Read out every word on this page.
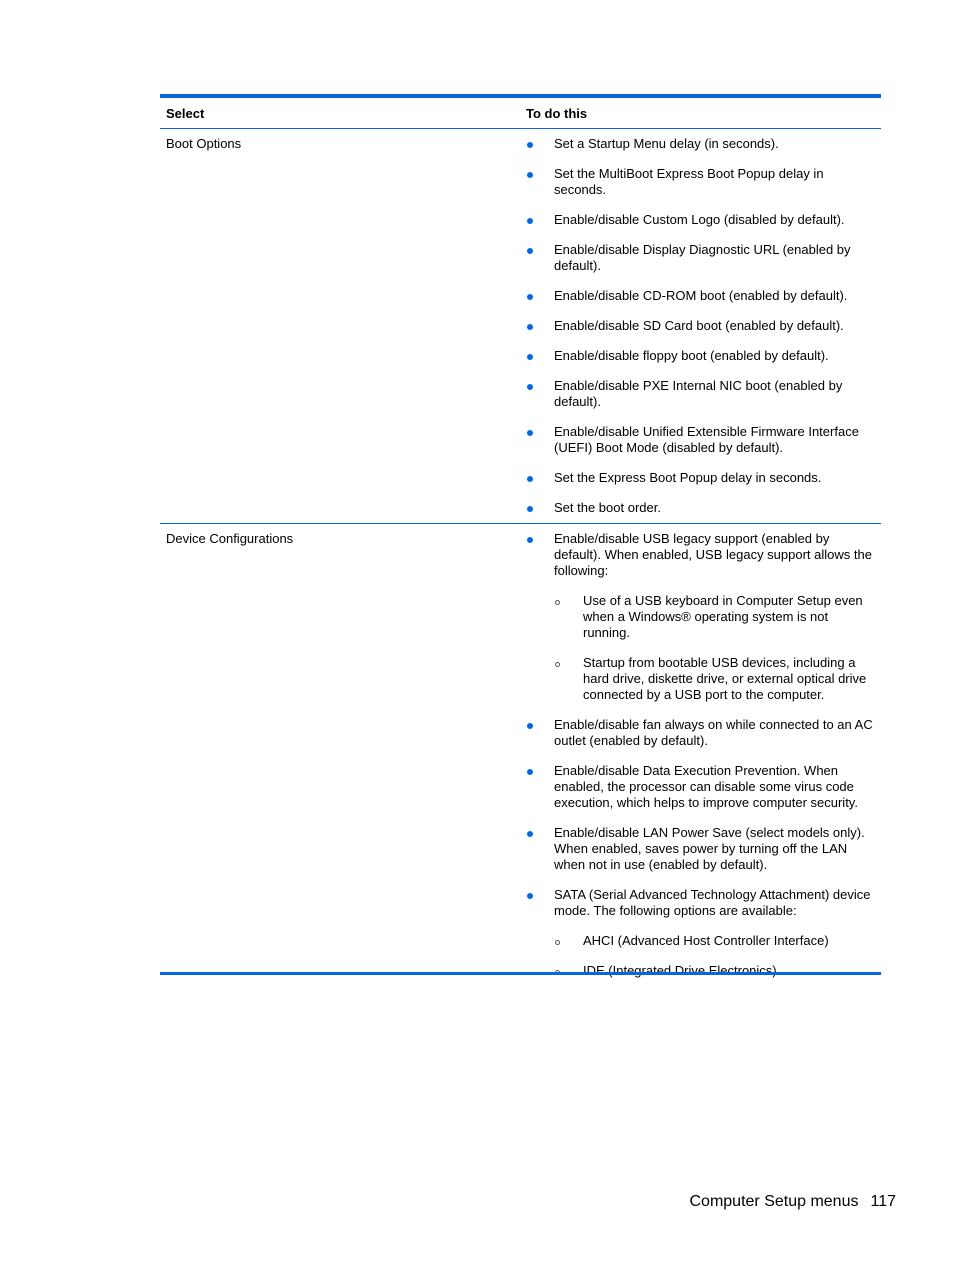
Select	To do this
Boot Options	Set a Startup Menu delay (in seconds).
Set the MultiBoot Express Boot Popup delay in seconds.
Enable/disable Custom Logo (disabled by default).
Enable/disable Display Diagnostic URL (enabled by default).
Enable/disable CD-ROM boot (enabled by default).
Enable/disable SD Card boot (enabled by default).
Enable/disable floppy boot (enabled by default).
Enable/disable PXE Internal NIC boot (enabled by default).
Enable/disable Unified Extensible Firmware Interface (UEFI) Boot Mode (disabled by default).
Set the Express Boot Popup delay in seconds.
Set the boot order.
Device Configurations	Enable/disable USB legacy support (enabled by default). When enabled, USB legacy support allows the following:
Use of a USB keyboard in Computer Setup even when a Windows® operating system is not running.
Startup from bootable USB devices, including a hard drive, diskette drive, or external optical drive connected by a USB port to the computer.
Enable/disable fan always on while connected to an AC outlet (enabled by default).
Enable/disable Data Execution Prevention. When enabled, the processor can disable some virus code execution, which helps to improve computer security.
Enable/disable LAN Power Save (select models only). When enabled, saves power by turning off the LAN when not in use (enabled by default).
SATA (Serial Advanced Technology Attachment) device mode. The following options are available:
AHCI (Advanced Host Controller Interface)
IDE (Integrated Drive Electronics)
Computer Setup menus 117
